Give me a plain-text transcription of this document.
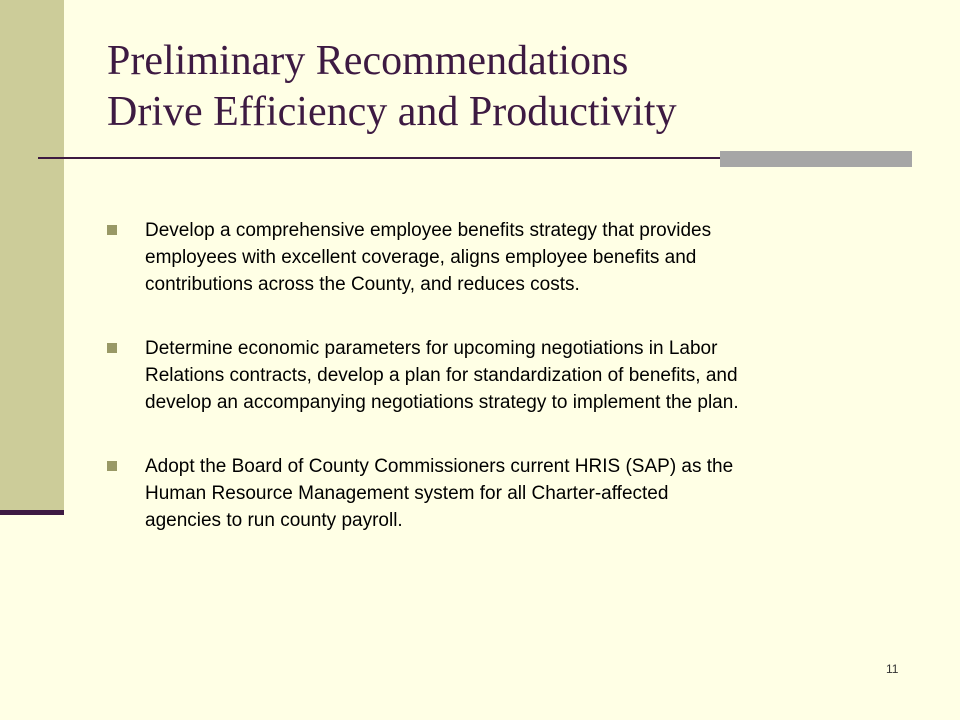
Preliminary Recommendations
Drive Efficiency and Productivity
Develop a comprehensive employee benefits strategy that provides
employees with excellent coverage, aligns employee benefits and
contributions across the County, and reduces costs.
Determine economic parameters for upcoming negotiations in Labor
Relations contracts, develop a plan for standardization of benefits, and
develop an accompanying negotiations strategy to implement the plan.
Adopt the Board of County Commissioners current HRIS (SAP) as the
Human Resource Management system for all Charter-affected
agencies to run county payroll.
11
